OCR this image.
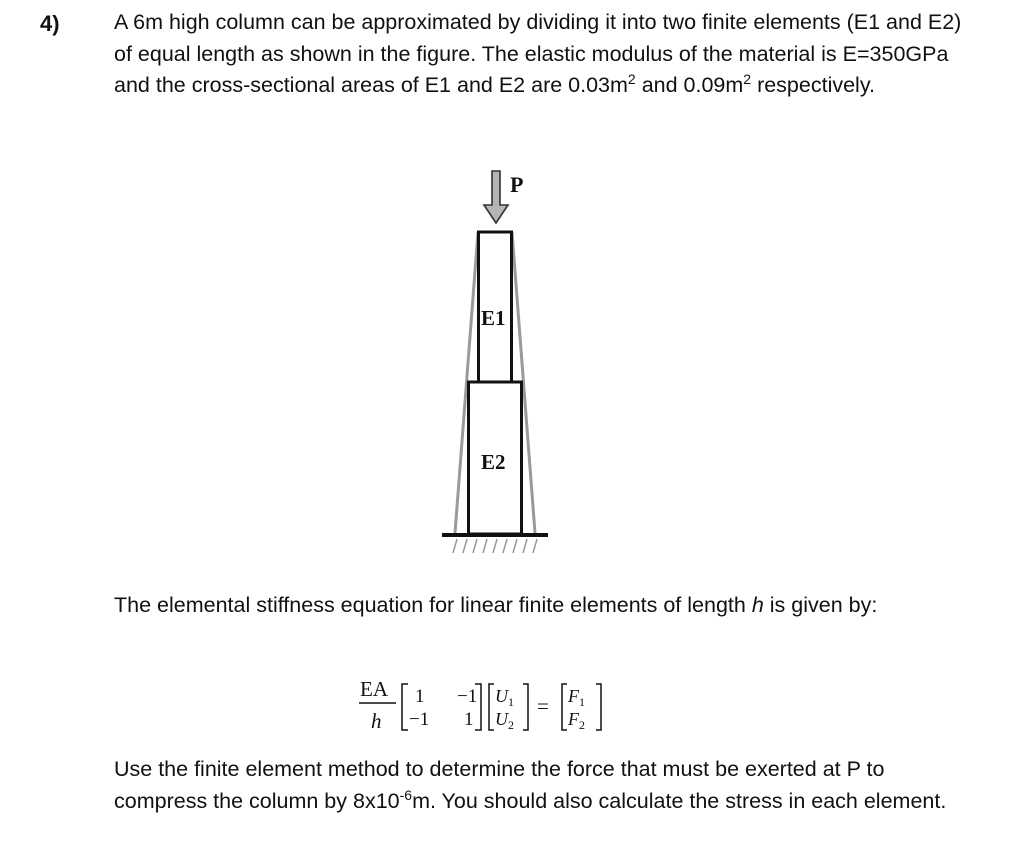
4)	A 6m high column can be approximated by dividing it into two finite elements (E1 and E2) of equal length as shown in the figure. The elastic modulus of the material is E=350GPa and the cross-sectional areas of E1 and E2 are $0.03m^2$ and $0.09m^2$ respectively.

P
E1
E2

The elemental stiffness equation for linear finite elements of length h is given by:

EA
h
1 −1
−1 1
$U_1$
$U_2$
= $F_1$
$F_2$

Use the finite element method to determine the force that must be exerted at P to compress the column by $8x10^{-6}m$. You should also calculate the stress in each element.
